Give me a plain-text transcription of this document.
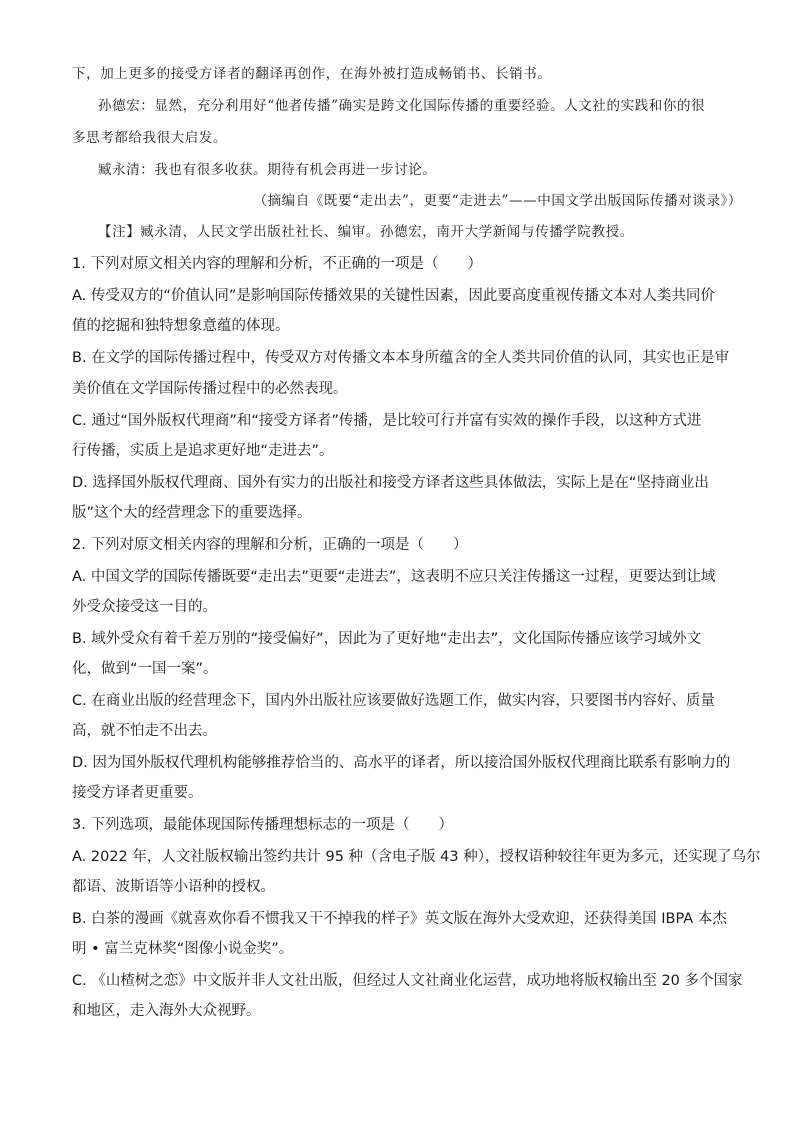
下，加上更多的接受方译者的翻译再创作，在海外被打造成畅销书、长销书。
孙德宏：显然，充分利用好“他者传播”确实是跨文化国际传播的重要经验。人文社的实践和你的很
多思考都给我很大启发。
臧永清：我也有很多收获。期待有机会再进一步讨论。
（摘编自《既要“走出去”，更要“走进去”——中国文学出版国际传播对谈录》）
【注】臧永清，人民文学出版社社长、编审。孙德宏，南开大学新闻与传播学院教授。
1. 下列对原文相关内容的理解和分析，不正确的一项是（　　）
A. 传受双方的“价值认同”是影响国际传播效果的关键性因素，因此要高度重视传播文本对人类共同价
值的挖掘和独特想象意蕴的体现。
B. 在文学的国际传播过程中，传受双方对传播文本本身所蕴含的全人类共同价值的认同，其实也正是审
美价值在文学国际传播过程中的必然表现。
C. 通过“国外版权代理商”和“接受方译者”传播，是比较可行并富有实效的操作手段，以这种方式进
行传播，实质上是追求更好地“走进去”。
D. 选择国外版权代理商、国外有实力的出版社和接受方译者这些具体做法，实际上是在“坚持商业出
版”这个大的经营理念下的重要选择。
2. 下列对原文相关内容的理解和分析，正确的一项是（　　）
A. 中国文学的国际传播既要“走出去”更要“走进去”，这表明不应只关注传播这一过程，更要达到让域
外受众接受这一目的。
B. 域外受众有着千差万别的“接受偏好”，因此为了更好地“走出去”，文化国际传播应该学习域外文
化，做到“一国一案”。
C. 在商业出版的经营理念下，国内外出版社应该要做好选题工作，做实内容，只要图书内容好、质量
高，就不怕走不出去。
D. 因为国外版权代理机构能够推荐恰当的、高水平的译者，所以接洽国外版权代理商比联系有影响力的
接受方译者更重要。
3. 下列选项，最能体现国际传播理想标志的一项是（　　）
A. 2022 年，人文社版权输出签约共计 95 种（含电子版 43 种），授权语种较往年更为多元，还实现了乌尔
都语、波斯语等小语种的授权。
B. 白茶的漫画《就喜欢你看不惯我又干不掉我的样子》英文版在海外大受欢迎，还获得美国 IBPA 本杰
明 • 富兰克林奖“图像小说金奖”。
C. 《山楂树之恋》中文版并非人文社出版，但经过人文社商业化运营，成功地将版权输出至 20 多个国家
和地区，走入海外大众视野。
